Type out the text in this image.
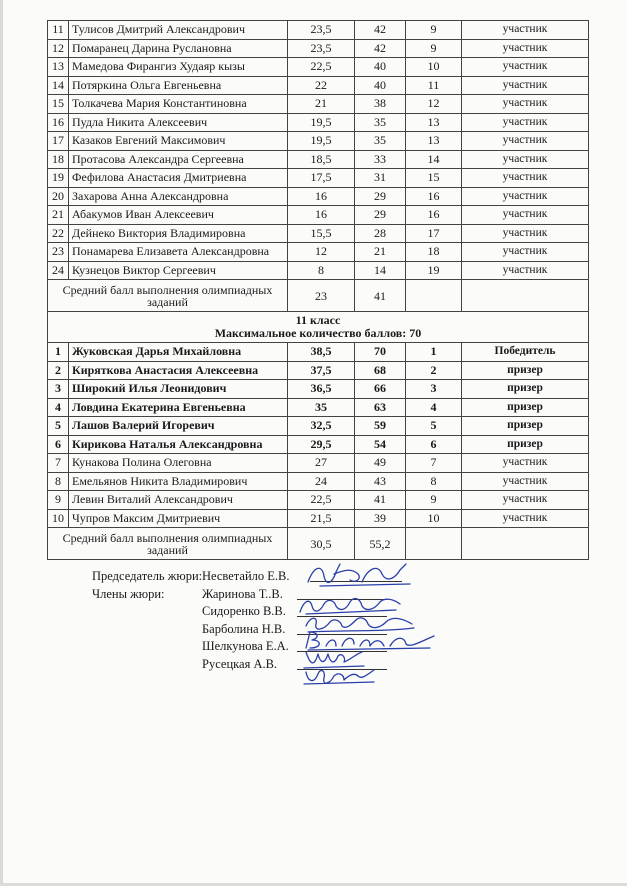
11	Тулисов Дмитрий Александрович	23,5	42	9	участник
12	Помаранец Дарина Руслановна	23,5	42	9	участник
13	Мамедова Фирангиз Худаяр кызы	22,5	40	10	участник
14	Потяркина Ольга Евгеньевна	22	40	11	участник
15	Толкачева Мария Константиновна	21	38	12	участник
16	Пудла Никита Алексеевич	19,5	35	13	участник
17	Казаков Евгений Максимович	19,5	35	13	участник
18	Протасова Александра Сергеевна	18,5	33	14	участник
19	Фефилова Анастасия Дмитриевна	17,5	31	15	участник
20	Захарова Анна Александровна	16	29	16	участник
21	Абакумов Иван Алексеевич	16	29	16	участник
22	Дейнеко Виктория Владимировна	15,5	28	17	участник
23	Понамарева Елизавета Александровна	12	21	18	участник
24	Кузнецов Виктор Сергеевич	8	14	19	участник
Средний балл выполнения олимпиадных заданий		23	41		

11 класс
Максимальное количество баллов: 70					

1	Жуковская Дарья Михайловна	38,5	70	1	Победитель
2	Киряткова Анастасия Алексеевна	37,5	68	2	призер
3	Широкий Илья Леонидович	36,5	66	3	призер
4	Ловдина Екатерина Евгеньевна	35	63	4	призер
5	Лашов Валерий Игоревич	32,5	59	5	призер
6	Кирикова Наталья Александровна	29,5	54	6	призер
7	Кунакова Полина Олеговна	27	49	7	участник
8	Емельянов Никита Владимирович	24	43	8	участник
9	Левин Виталий Александрович	22,5	41	9	участник
10	Чупров Максим Дмитриевич	21,5	39	10	участник
Средний балл выполнения олимпиадных заданий		30,5	55,2		
Председатель жюри: Несветайло Е.В.
Члены жюри:	Жаринова Т..В.
Сидоренко В.В.
Барболина Н.В.
Шелкунова Е.А.
Русецкая А.В.
